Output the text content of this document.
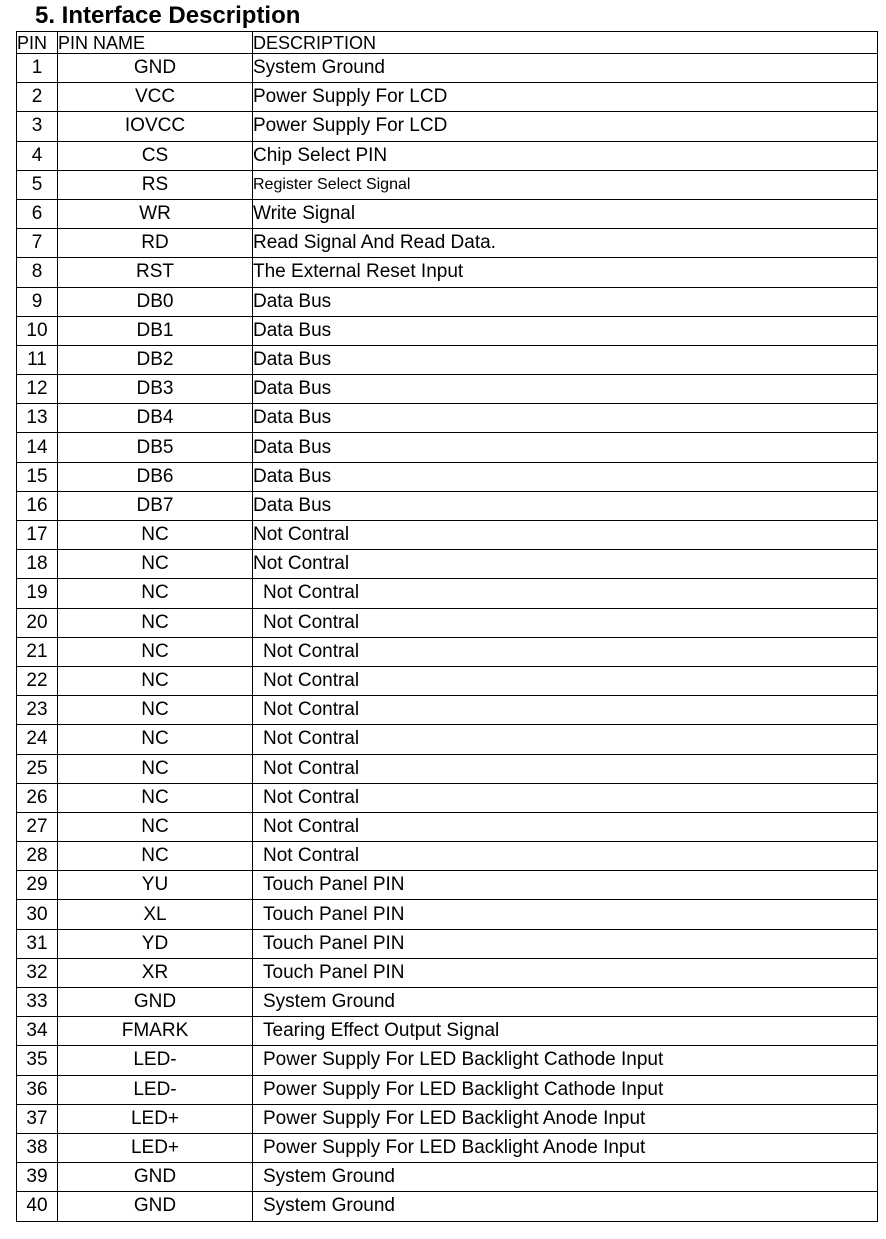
5. Interface Description
PIN	PIN NAME	DESCRIPTION
1	GND	System Ground
2	VCC	Power Supply For LCD
3	IOVCC	Power Supply For LCD
4	CS	Chip Select PIN
5	RS	Register Select Signal
6	WR	Write Signal
7	RD	Read Signal And Read Data.
8	RST	The External Reset Input
9	DB0	Data Bus
10	DB1	Data Bus
11	DB2	Data Bus
12	DB3	Data Bus
13	DB4	Data Bus
14	DB5	Data Bus
15	DB6	Data Bus
16	DB7	Data Bus
17	NC	Not Contral
18	NC	Not Contral
19	NC	Not Contral
20	NC	Not Contral
21	NC	Not Contral
22	NC	Not Contral
23	NC	Not Contral
24	NC	Not Contral
25	NC	Not Contral
26	NC	Not Contral
27	NC	Not Contral
28	NC	Not Contral
29	YU	Touch Panel PIN
30	XL	Touch Panel PIN
31	YD	Touch Panel PIN
32	XR	Touch Panel PIN
33	GND	System Ground
34	FMARK	Tearing Effect Output Signal
35	LED-	Power Supply For LED Backlight Cathode Input
36	LED-	Power Supply For LED Backlight Cathode Input
37	LED+	Power Supply For LED Backlight Anode Input
38	LED+	Power Supply For LED Backlight Anode Input
39	GND	System Ground
40	GND	System Ground
